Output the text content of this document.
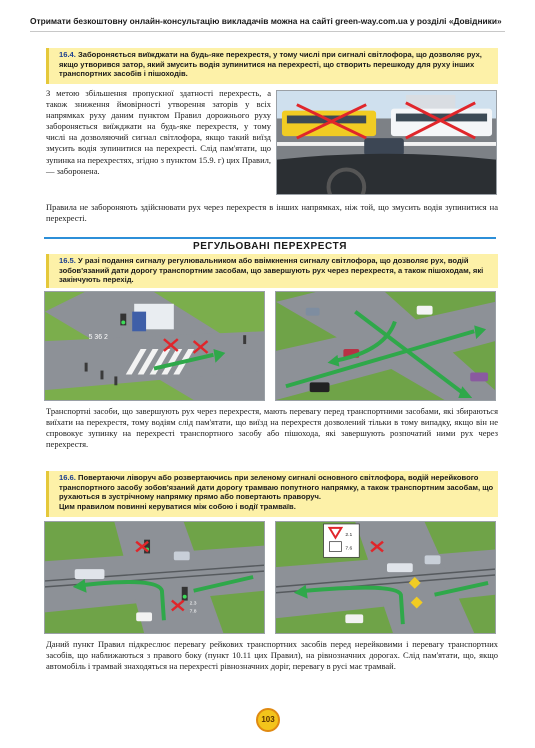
Отримати безкоштовну онлайн-консультацію викладачів можна на сайті green-way.com.ua у розділі «Довідники»
16.4. Забороняється виїжджати на будь-яке перехрестя, у тому числі при сигналі світлофора, що дозволяє рух, якщо утворився затор, який змусить водія зупинитися на перехресті, що створить перешкоду для руху інших транспортних засобів і пішоходів.
З метою збільшення пропускної здатності перехресть, а також зниження ймовірності утворення заторів у всіх напрямках руху даним пунктом Правил дорожнього руху забороняється виїжджати на будь-яке перехрестя, у тому числі на дозволяючий сигнал світлофора, якщо такий виїзд змусить водія зупинитися на перехресті. Слід пам'ятати, що зупинка на перехрестях, згідно з пунктом 15.9. г) цих Правил, — заборонена.
Правила не забороняють здійснювати рух через перехрестя в інших напрямках, ніж той, що змусить водія зупинитися на перехресті.
РЕГУЛЬОВАНІ ПЕРЕХРЕСТЯ
16.5. У разі подання сигналу регулювальником або ввімкнення сигналу світлофора, що дозволяє рух, водій зобов'язаний дати дорогу транспортним засобам, що завершують рух через перехрестя, а також пішоходам, які закінчують перехід.
5 36 2
Транспортні засоби, що завершують рух через перехрестя, мають перевагу перед транспортними засобами, які збираються виїхати на перехрестя, тому водіям слід пам'ятати, що виїзд на перехрестя дозволений тільки в тому випадку, якщо він не спровокує зупинку на перехресті транспортного засобу або пішохода, які завершують розпочатий ними рух через перехрестя.
16.6. Повертаючи ліворуч або розвертаючись при зеленому сигналі основного світлофора, водій нерейкового транспортного засобу зобов'язаний дати дорогу трамваю попутного напрямку, а також транспортним засобам, що рухаються в зустрічному напрямку прямо або повертають праворуч.
Цим правилом повинні керуватися між собою і водії трамваїв.
2.3
7.8
2.1
7.6
Даний пункт Правил підкреслює перевагу рейкових транспортних засобів перед нерейковими і перевагу транспортних засобів, що наближаються з правого боку (пункт 10.11 цих Правил), на рівнозначних дорогах. Слід пам'ятати, що, якщо автомобіль і трамвай знаходяться на перехресті рівнозначних доріг, перевагу в русі має трамвай.
103
